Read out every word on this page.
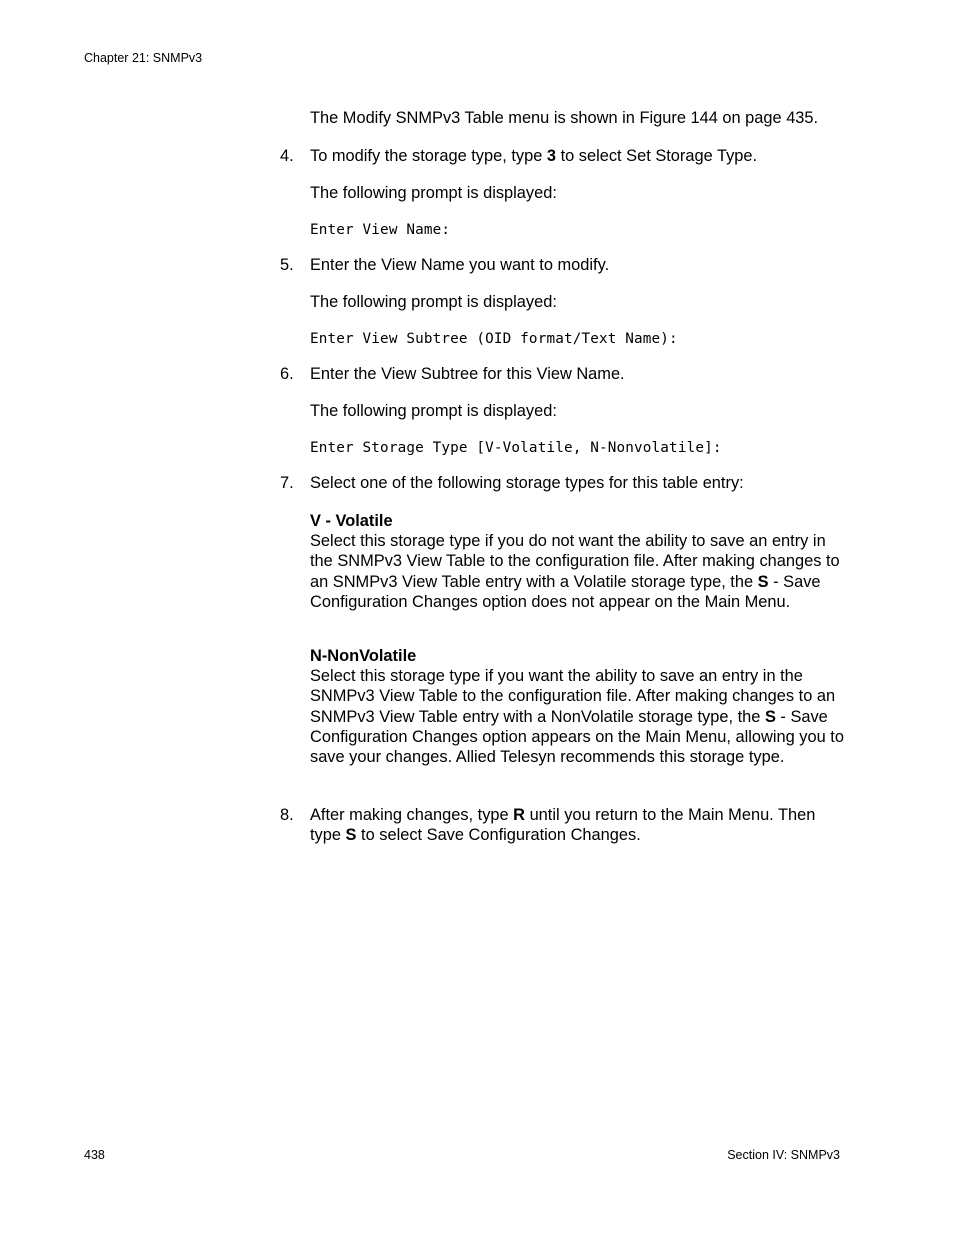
Chapter 21: SNMPv3
The Modify SNMPv3 Table menu is shown in Figure 144 on page 435.
4. To modify the storage type, type 3 to select Set Storage Type.
The following prompt is displayed:
Enter View Name:
5. Enter the View Name you want to modify.
The following prompt is displayed:
Enter View Subtree (OID format/Text Name):
6. Enter the View Subtree for this View Name.
The following prompt is displayed:
Enter Storage Type [V-Volatile, N-Nonvolatile]:
7. Select one of the following storage types for this table entry:
V - Volatile
Select this storage type if you do not want the ability to save an entry in the SNMPv3 View Table to the configuration file. After making changes to an SNMPv3 View Table entry with a Volatile storage type, the S - Save Configuration Changes option does not appear on the Main Menu.
N-NonVolatile
Select this storage type if you want the ability to save an entry in the SNMPv3 View Table to the configuration file. After making changes to an SNMPv3 View Table entry with a NonVolatile storage type, the S - Save Configuration Changes option appears on the Main Menu, allowing you to save your changes. Allied Telesyn recommends this storage type.
8. After making changes, type R until you return to the Main Menu. Then type S to select Save Configuration Changes.
438	Section IV: SNMPv3
